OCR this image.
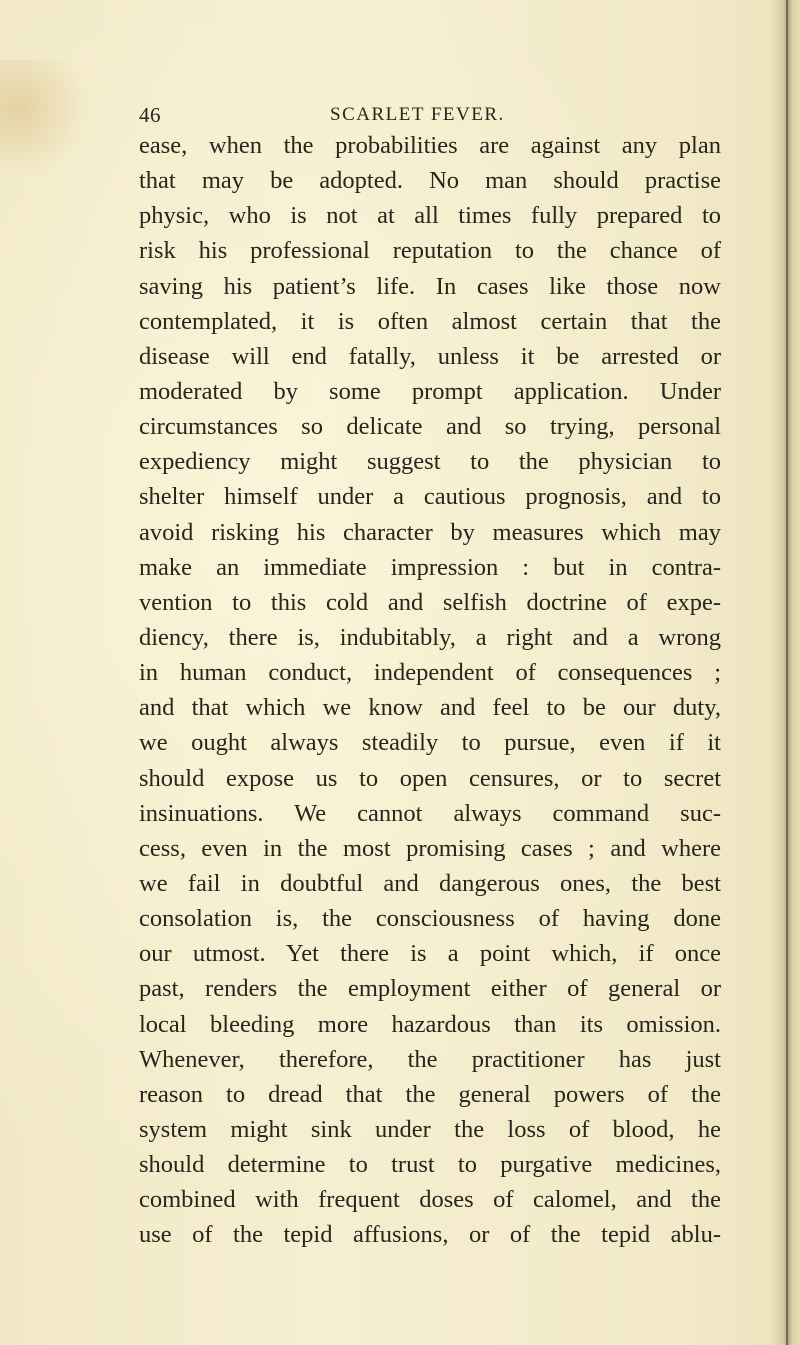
46	SCARLET FEVER.
ease, when the probabilities are against any plan
that may be adopted. No man should practise
physic, who is not at all times fully prepared to
risk his professional reputation to the chance of
saving his patient’s life. In cases like those now
contemplated, it is often almost certain that the
disease will end fatally, unless it be arrested or
moderated by some prompt application. Under
circumstances so delicate and so trying, personal
expediency might suggest to the physician to
shelter himself under a cautious prognosis, and to
avoid risking his character by measures which may
make an immediate impression : but in contra-
vention to this cold and selfish doctrine of expe-
diency, there is, indubitably, a right and a wrong
in human conduct, independent of consequences ;
and that which we know and feel to be our duty,
we ought always steadily to pursue, even if it
should expose us to open censures, or to secret
insinuations. We cannot always command suc-
cess, even in the most promising cases ; and where
we fail in doubtful and dangerous ones, the best
consolation is, the consciousness of having done
our utmost. Yet there is a point which, if once
past, renders the employment either of general or
local bleeding more hazardous than its omission.
Whenever, therefore, the practitioner has just
reason to dread that the general powers of the
system might sink under the loss of blood, he
should determine to trust to purgative medicines,
combined with frequent doses of calomel, and the
use of the tepid affusions, or of the tepid ablu-
